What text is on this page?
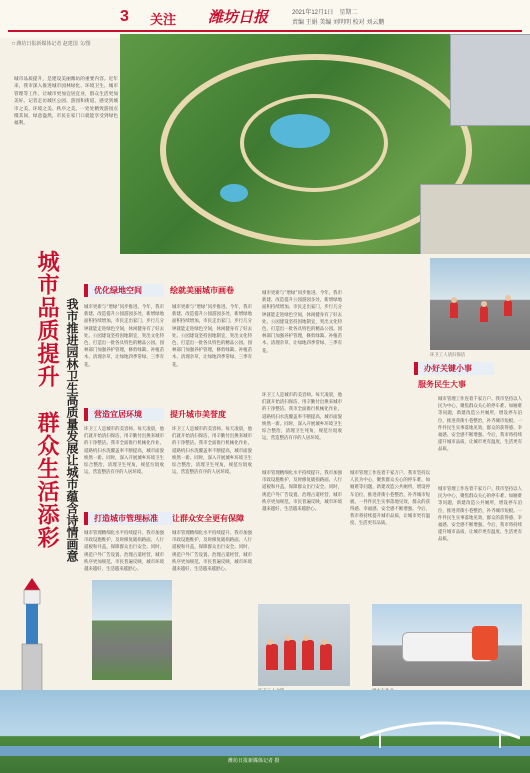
3 关注 潍坊日报	2021年12月1日　星期二
责编 王娟 美编 刘明明 校对 刘云鹏
□ 潍坊日报新媒体记者 赵建国 文/图
城市品质提升，是建设美丽潍坊的重要内容。近年来，我市深入推进城市园林绿化、环境卫生、城市管理等工作，让城市更加宜居宜业，群众生活更加美好。记者走访城区公园、游园和街道，感受到城市之美、环境之美、秩序之美。一处处精致游园点缀其间，绿意盎然，市民在家门口就能享受到绿色福利。
城市品质提升　群众生活添彩 我市推进园林卫生高质量发展让城市蕴含诗情画意
优化绿地空间	绘就美丽城市画卷
城市更新与“增绿”同步推进。今年，我市新建、改造提升公园游园多处，新增绿地面积持续增加。市民走出家门，步行几分钟就能走进绿色空间，休闲健身有了好去处。公园建设坚持因地制宜，突出文化特色，打造出一批各具特色的精品公园。园林部门加强养护管理，修剪绿篱、补植苗木、清理杂草，让绿地四季常绿、三季有花。
城市更新与“增绿”同步推进。今年，我市新建、改造提升公园游园多处，新增绿地面积持续增加。市民走出家门，步行几分钟就能走进绿色空间，休闲健身有了好去处。公园建设坚持因地制宜，突出文化特色，打造出一批各具特色的精品公园。园林部门加强养护管理，修剪绿篱、补植苗木、清理杂草，让绿地四季常绿、三季有花。
营造宜居环境	提升城市美誉度
环卫工人是城市的美容师。每天凌晨，他们就开始清扫保洁，用辛勤付出换来城市的干净整洁。我市全面推行机械化作业，道路机扫水洗覆盖率不断提高，城市面貌焕然一新。同时，深入开展城乡环境卫生综合整治，清理卫生死角，规范垃圾收运，营造整洁有序的人居环境。
环卫工人是城市的美容师。每天凌晨，他们就开始清扫保洁，用辛勤付出换来城市的干净整洁。我市全面推行机械化作业，道路机扫水洗覆盖率不断提高，城市面貌焕然一新。同时，深入开展城乡环境卫生综合整治，清理卫生死角，规范垃圾收运，营造整洁有序的人居环境。
打造城市管理标准	让群众安全更有保障
城市管理精细化水平持续提升。我市加强市政设施维护，及时修复破损路面、人行道板和井盖，保障群众出行安全。同时，规范户外广告设置、治理占道经营，城市秩序更加规范。市民普遍反映，城市环境越来越好，生活越来越舒心。
城市管理精细化水平持续提升。我市加强市政设施维护，及时修复破损路面、人行道板和井盖，保障群众出行安全。同时，规范户外广告设置、治理占道经营，城市秩序更加规范。市民普遍反映，城市环境越来越好，生活越来越舒心。
城市更新与“增绿”同步推进。今年，我市新建、改造提升公园游园多处，新增绿地面积持续增加。市民走出家门，步行几分钟就能走进绿色空间，休闲健身有了好去处。公园建设坚持因地制宜，突出文化特色，打造出一批各具特色的精品公园。园林部门加强养护管理，修剪绿篱、补植苗木、清理杂草，让绿地四季常绿、三季有花。
环卫工人是城市的美容师。每天凌晨，他们就开始清扫保洁，用辛勤付出换来城市的干净整洁。我市全面推行机械化作业，道路机扫水洗覆盖率不断提高，城市面貌焕然一新。同时，深入开展城乡环境卫生综合整治，清理卫生死角，规范垃圾收运，营造整洁有序的人居环境。
城市管理精细化水平持续提升。我市加强市政设施维护，及时修复破损路面、人行道板和井盖，保障群众出行安全。同时，规范户外广告设置、治理占道经营，城市秩序更加规范。市民普遍反映，城市环境越来越好，生活越来越舒心。
城市管理工作连着千家万户。我市坚持以人民为中心，聚焦群众关心的停车难、如厕难等问题，新建改造公共厕所，增设停车泊位，推进背街小巷整治，补齐城市短板。一件件民生实事落地见效，群众的获得感、幸福感、安全感不断增强。今后，我市将持续提升城市品质，让城市更有温度、生活更有品质。
环卫工人清扫保洁
办好关键小事
服务民生大事
城市管理工作连着千家万户。我市坚持以人民为中心，聚焦群众关心的停车难、如厕难等问题，新建改造公共厕所，增设停车泊位，推进背街小巷整治，补齐城市短板。一件件民生实事落地见效，群众的获得感、幸福感、安全感不断增强。今后，我市将持续提升城市品质，让城市更有温度、生活更有品质。
城市管理工作连着千家万户。我市坚持以人民为中心，聚焦群众关心的停车难、如厕难等问题，新建改造公共厕所，增设停车泊位，推进背街小巷整治，补齐城市短板。一件件民生实事落地见效，群众的获得感、幸福感、安全感不断增强。今后，我市将持续提升城市品质，让城市更有温度、生活更有品质。
潍坊日报新媒体记者 摄
